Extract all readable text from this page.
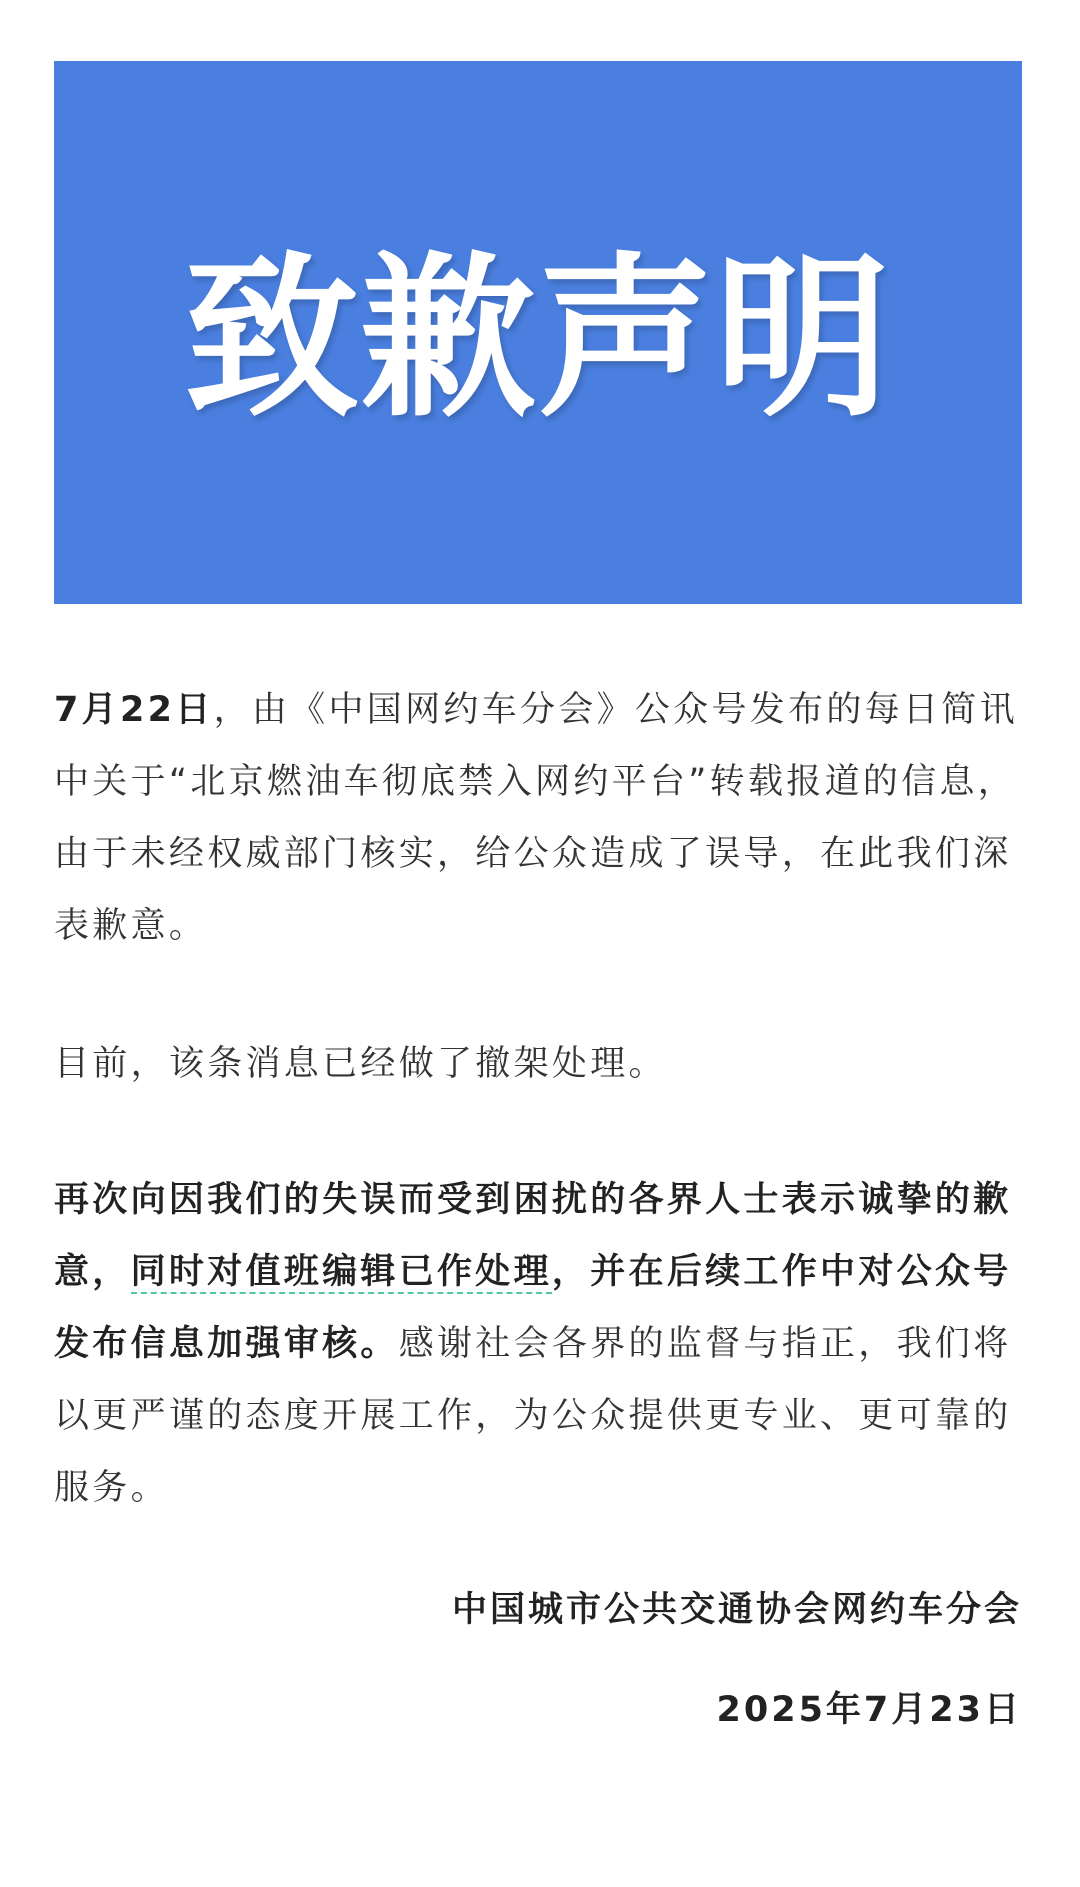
致歉声明

7月22日，由《中国网约车分会》公众号发布的每日简讯中关于“北京燃油车彻底禁入网约平台”转载报道的信息，由于未经权威部门核实，给公众造成了误导，在此我们深表歉意。

目前，该条消息已经做了撤架处理。

再次向因我们的失误而受到困扰的各界人士表示诚挚的歉意，同时对值班编辑已作处理，并在后续工作中对公众号发布信息加强审核。感谢社会各界的监督与指正，我们将以更严谨的态度开展工作，为公众提供更专业、更可靠的服务。

中国城市公共交通协会网约车分会
2025年7月23日
